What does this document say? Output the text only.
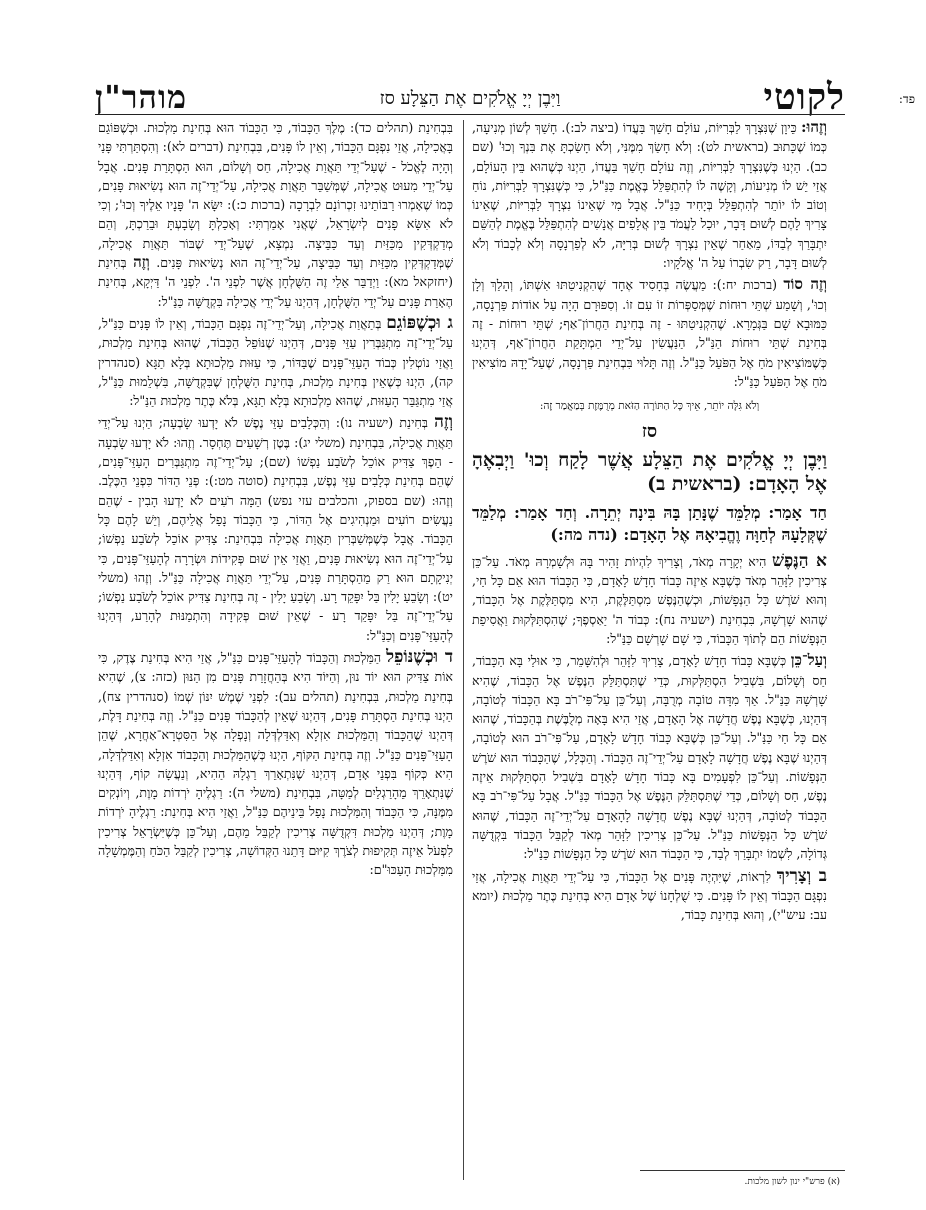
פד:
לקוטי
וַיִּבֶן יְיָ אֱלֹקִים אֶת הַצֵּלָע סז
מוהר"ן

וְזֶהוּ: כֵּיוָן שֶׁנִּצְרָךְ לַבְּרִיּוֹת, עוֹלָם חָשַׁךְ בַּעֲדוֹ (ביצה לב:). חָשַׁךְ לְשׁוֹן מְנִיעָה, כְּמוֹ שֶׁכָּתוּב (בראשית לט): וְלֹא חָשַׂךְ מִמֶּנִּי, וְלֹא חָשַׂכְתָּ אֶת בִּנְךָ וְכוּ' (שם כב). הַיְנוּ כְּשֶׁנִּצְרָךְ לַבְּרִיּוֹת, וְזֶה עוֹלָם חָשַׁךְ בַּעֲדוֹ, הַיְנוּ כְּשֶׁהוּא בֵּין הָעוֹלָם, אֲזַי יֵשׁ לוֹ מְנִיעוֹת, וְקָשֶׁה לוֹ לְהִתְפַּלֵּל בֶּאֱמֶת כַּנַּ"ל, כִּי כְּשֶׁנִּצְרָךְ לַבְּרִיּוֹת, נוֹחַ וְטוֹב לוֹ יוֹתֵר לְהִתְפַּלֵּל בְּיָחִיד כַּנַּ"ל. אֲבָל מִי שֶׁאֵינוֹ נִצְרָךְ לַבְּרִיּוֹת, שֶׁאֵינוֹ צָרִיךְ לָהֶם לְשׁוּם דָּבָר, יוּכַל לַעֲמֹד בֵּין אֲלָפִים אֲנָשִׁים לְהִתְפַּלֵּל בֶּאֱמֶת לְהַשֵּׁם יִתְבָּרַךְ לְבַדּוֹ, מֵאַחַר שֶׁאֵין נִצְרָךְ לְשׁוּם בְּרִיָּה, לֹא לְפַרְנָסָה וְלֹא לְכָבוֹד וְלֹא לְשׁוּם דָּבָר, רַק שִׂבְרוֹ עַל ה' אֱלֹקָיו:

וְזֶה סוֹד (ברכות יח:): מַעֲשֶׂה בְּחָסִיד אֶחָד שֶׁהִקְנִיטַתּוּ אִשְׁתּוֹ, וְהָלַךְ וְלָן וְכוּ', וְשָׁמַע שְׁתֵּי רוּחוֹת שֶׁמְּסַפְּרוֹת זוֹ עִם זוֹ. וְסִפּוּרָם הָיָה עַל אוֹדוֹת פַּרְנָסָה, כַּמּוּבָא שָׁם בַּגְּמָרָא. שֶׁהִקְנִיטַתּוּ - זֶה בְּחִינַת הַחֲרוֹן־אַף; שְׁתֵּי רוּחוֹת - זֶה בְּחִינַת שְׁתֵּי רוּחוֹת הַנַּ"ל, הַנַּעֲשִׂין עַל־יְדֵי הַמְתָּקַת הַחֲרוֹן־אַף, דְּהַיְנוּ כְּשֶׁמּוֹצִיאִין מֹחַ אֶל הַפֹּעַל כַּנַּ"ל. וְזֶה תָּלוּי בִּבְחִינַת פַּרְנָסָה, שֶׁעַל־יָדָהּ מוֹצִיאִין מֹחַ אֶל הַפֹּעַל כַּנַּ"ל:

וְלֹא גִּלָּה יוֹתֵר, אֵיךְ כָּל הַתּוֹרָה הַזֹּאת מְרֻמֶּזֶת בְּמַאֲמַר זֶה:
סז
וַיִּבֶן יְיָ אֱלֹקִים אֶת הַצֵּלָע אֲשֶׁר לָקַח וְכוּ' וַיְבִאֶהָ אֶל הָאָדָם: (בראשית ב)
חַד אָמַר: מְלַמֵּד שֶׁנָּתַן בָּהּ בִּינָה יְתֵרָה. וְחַד אָמַר: מְלַמֵּד שֶׁקְּלָעָהּ לְחַוָּה וֶהֱבִיאָהּ אֶל הָאָדָם: (נדה מה:)

א הַנֶּפֶשׁ הִיא יְקָרָה מְאֹד, וְצָרִיךְ לִהְיוֹת זָהִיר בָּהּ וּלְשָׁמְרָהּ מְאֹד. עַל־כֵּן צְרִיכִין לִזָּהֵר מְאֹד כְּשֶׁבָּא אֵיזֶה כָּבוֹד חָדָשׁ לָאָדָם, כִּי הַכָּבוֹד הוּא אֵם כָּל חַי, וְהוּא שֹׁרֶשׁ כָּל הַנְּפָשׁוֹת, וּכְשֶׁהַנֶּפֶשׁ מִסְתַּלֶּקֶת, הִיא מִסְתַּלֶּקֶת אֶל הַכָּבוֹד, שֶׁהוּא שָׁרְשָׁהּ, בִּבְחִינַת (ישעיה נח): כְּבוֹד ה' יַאַסְפֶךָ; שֶׁהִסְתַּלְּקוּת וַאֲסִיפַת הַנְּפָשׁוֹת הֵם לְתוֹךְ הַכָּבוֹד, כִּי שָׁם שָׁרְשָׁם כַּנַּ"ל:

וְעַל־כֵּן כְּשֶׁבָּא כָּבוֹד חָדָשׁ לָאָדָם, צָרִיךְ לִזָּהֵר וּלְהִשָּׁמֵר, כִּי אוּלַי בָּא הַכָּבוֹד, חַס וְשָׁלוֹם, בִּשְׁבִיל הִסְתַּלְּקוּת, כְּדֵי שֶׁתִּסְתַּלֵּק הַנֶּפֶשׁ אֶל הַכָּבוֹד, שֶׁהִיא שָׁרְשָׁהּ כַּנַּ"ל. אַךְ מִדָּה טוֹבָה מְרֻבָּה, וְעַל־כֵּן עַל־פִּי־רֹב בָּא הַכָּבוֹד לְטוֹבָה, דְּהַיְנוּ, כְּשֶׁבָּא נֶפֶשׁ חֲדָשָׁה אֶל הָאָדָם, אֲזַי הִיא בָּאָה מְלֻבֶּשֶׁת בְּהַכָּבוֹד, שֶׁהוּא אֵם כָּל חַי כַּנַּ"ל. וְעַל־כֵּן כְּשֶׁבָּא כָּבוֹד חָדָשׁ לָאָדָם, עַל־פִּי־רֹב הוּא לְטוֹבָה, דְּהַיְנוּ שֶׁבָּא נֶפֶשׁ חֲדָשָׁה לָאָדָם עַל־יְדֵי־זֶה הַכָּבוֹד. וְהַכְּלָל, שֶׁהַכָּבוֹד הוּא שֹׁרֶשׁ הַנְּפָשׁוֹת. וְעַל־כֵּן לִפְעָמִים בָּא כָּבוֹד חָדָשׁ לָאָדָם בִּשְׁבִיל הִסְתַּלְּקוּת אֵיזֶה נֶפֶשׁ, חַס וְשָׁלוֹם, כְּדֵי שֶׁתִּסְתַּלֵּק הַנֶּפֶשׁ אֶל הַכָּבוֹד כַּנַּ"ל. אֲבָל עַל־פִּי־רֹב בָּא הַכָּבוֹד לְטוֹבָה, דְּהַיְנוּ שֶׁבָּא נֶפֶשׁ חֲדָשָׁה לָהָאָדָם עַל־יְדֵי־זֶה הַכָּבוֹד, שֶׁהוּא שֹׁרֶשׁ כָּל הַנְּפָשׁוֹת כַּנַּ"ל. עַל־כֵּן צְרִיכִין לִזָּהֵר מְאֹד לְקַבֵּל הַכָּבוֹד בִּקְדֻשָּׁה גְּדוֹלָה, לִשְׁמוֹ יִתְבָּרַךְ לְבַד, כִּי הַכָּבוֹד הוּא שֹׁרֶשׁ כָּל הַנְּפָשׁוֹת כַּנַּ"ל:

ב וְצָרִיךְ לִרְאוֹת, שֶׁיִּהְיֶה פָּנִים אֶל הַכָּבוֹד, כִּי עַל־יְדֵי תַּאֲוַת אֲכִילָה, אֲזַי נִפְגָּם הַכָּבוֹד וְאֵין לוֹ פָּנִים. כִּי שֻׁלְחָנוֹ שֶׁל אָדָם הִיא בְּחִינַת כֶּתֶר מַלְכוּת (יומא עב: עיש"י), וְהוּא בְּחִינַת כָּבוֹד,

בִּבְחִינַת (תהלים כד): מֶלֶךְ הַכָּבוֹד, כִּי הַכָּבוֹד הוּא בְּחִינַת מַלְכוּת. וּכְשֶׁפּוֹגֵם בָּאֲכִילָה, אֲזַי נִפְגָּם הַכָּבוֹד, וְאֵין לוֹ פָּנִים, בִּבְחִינַת (דברים לא): וְהִסְתַּרְתִּי פָּנַי וְהָיָה לֶאֱכֹל - שֶׁעַל־יְדֵי תַּאֲוַת אֲכִילָה, חַס וְשָׁלוֹם, הוּא הַסְתָּרַת פָּנִים. אֲבָל עַל־יְדֵי מִעוּט אֲכִילָה, שֶׁמְּשַׁבֵּר תַּאֲוַת אֲכִילָה, עַל־יְדֵי־זֶה הוּא נְשִׂיאוּת פָּנִים, כְּמוֹ שֶׁאָמְרוּ רַבּוֹתֵינוּ זִכְרוֹנָם לִבְרָכָה (ברכות כ:): יִשָּׂא ה' פָּנָיו אֵלֶיךָ וְכוּ'; וְכִי לֹא אִשָּׂא פָנִים לְיִשְׂרָאֵל, שֶׁאֲנִי אָמַרְתִּי: וְאָכַלְתָּ וְשָׂבָעְתָּ וּבֵרַכְתָּ, וְהֵם מְדַקְדְּקִין מִכַּזַּיִת וְעַד כַּבֵּיצָה. נִמְצָא, שֶׁעַל־יְדֵי שֶׁבּוֹר תַּאֲוַת אֲכִילָה, שֶׁמְּדַקְדְּקִין מִכַּזַּיִת וְעַד כַּבֵּיצָה, עַל־יְדֵי־זֶה הוּא נְשִׂיאוּת פָּנִים. וְזֶה בְּחִינַת (יחזקאל מא): וַיְדַבֵּר אֵלַי זֶה הַשֻּׁלְחָן אֲשֶׁר לִפְנֵי ה'. לִפְנֵי ה' דַּיְקָא, בְּחִינַת הֶאָרַת פָּנִים עַל־יְדֵי הַשֻּׁלְחָן, דְּהַיְנוּ עַל־יְדֵי אֲכִילָה בִּקְדֻשָּׁה כַּנַּ"ל:

ג וּכְשֶׁפּוֹגֵם בְּתַאֲוַת אֲכִילָה, וְעַל־יְדֵי־זֶה נִפְגָּם הַכָּבוֹד, וְאֵין לוֹ פָּנִים כַּנַּ"ל, עַל־יְדֵי־זֶה מִתְגַּבְּרִין עַזֵּי פָּנִים, דְּהַיְנוּ שֶׁנּוֹפֵל הַכָּבוֹד, שֶׁהוּא בְּחִינַת מַלְכוּת, וַאֲזַי נוֹטְלִין כְּבוֹד הָעַזֵּי־פָּנִים שֶׁבַּדּוֹר, כִּי עַזּוּת מַלְכוּתָא בְּלָא תַגָּא (סנהדרין קה), הַיְנוּ כְּשֶׁאֵין בְּחִינַת מַלְכוּת, בְּחִינַת הַשֻּׁלְחָן שֶׁבִּקְדֻשָּׁה, בִּשְׁלֵמוּת כַּנַּ"ל, אֲזַי מִתְגַּבֵּר הָעַזּוּת, שֶׁהוּא מַלְכוּתָא בְּלָא תַגָּא, בְּלֹא כֶּתֶר מַלְכוּת הַנַּ"ל:

וְזֶה בְּחִינַת (ישעיה נו): וְהַכְּלָבִים עַזֵּי נֶפֶשׁ לֹא יָדְעוּ שָׂבְעָה; הַיְנוּ עַל־יְדֵי תַּאֲוַת אֲכִילָה, בִּבְחִינַת (משלי יג): בֶּטֶן רְשָׁעִים תֶּחְסָר. וְזֶהוּ: לֹא יָדְעוּ שָׂבְעָה - הֵפֶךְ צַדִּיק אוֹכֵל לְשֹׂבַע נַפְשׁוֹ (שם); עַל־יְדֵי־זֶה מִתְגַּבְּרִים הָעַזֵּי־פָּנִים, שֶׁהֵם בְּחִינַת כְּלָבִים עַזֵּי נֶפֶשׁ, בִּבְחִינַת (סוטה מט:): פְּנֵי הַדּוֹר כִּפְנֵי הַכֶּלֶב. וְזֶהוּ: (שם בספוק, והכלבים עזי נפש) הֵמָּה רֹעִים לֹא יָדְעוּ הָבִין - שֶׁהֵם נַעֲשִׂים רוֹעִים וּמַנְהִיגִים אֶל הַדּוֹר, כִּי הַכָּבוֹד נָפַל אֲלֵיהֶם, וְיֵשׁ לָהֶם כָּל הַכָּבוֹד. אֲבָל כְּשֶׁמְּשַׁבְּרִין תַּאֲוַת אֲכִילָה בִּבְחִינַת: צַדִּיק אוֹכֵל לְשֹׂבַע נַפְשׁוֹ; עַל־יְדֵי־זֶה הוּא נְשִׂיאוּת פָּנִים, וַאֲזַי אֵין שׁוּם פְּקִידוֹת וּשְׂרָרָה לְהָעַזֵּי־פָּנִים, כִּי יְנִיקָתָם הוּא רַק מֵהַסְתָּרַת פָּנִים, עַל־יְדֵי תַּאֲוַת אֲכִילָה כַּנַּ"ל. וְזֶהוּ (משלי יט): וְשָׂבֵעַ יָלִין בַּל יִפָּקֵד רָע. וְשָׂבֵעַ יָלִין - זֶה בְּחִינַת צַדִּיק אוֹכֵל לְשֹׂבַע נַפְשׁוֹ; עַל־יְדֵי־זֶה בַּל יִפָּקֵד רָע - שֶׁאֵין שׁוּם פְּקִידָה וְהִתְמַנּוּת לְהָרַע, דְּהַיְנוּ לְהָעַזֵּי־פָּנִים וְכַנַּ"ל:

ד וּכְשֶׁנּוֹפֵל הַמַּלְכוּת וְהַכָּבוֹד לְהָעַזֵּי־פָּנִים כַּנַּ"ל, אֲזַי הִיא בְּחִינַת צֶדֶק, כִּי אוֹת צַדִּיק הוּא יוֹד נוּן, וְהַיּוֹד הִיא בְּהַחֲזָרַת פָּנִים מִן הַנּוּן (כזה: צ), שֶׁהִיא בְּחִינַת מַלְכוּת, בִּבְחִינַת (תהלים עב): לִפְנֵי שֶׁמֶשׁ יִנּוֹן שְׁמוֹ (סנהדרין צח), הַיְנוּ בְּחִינַת הַסְתָּרַת פָּנִים, דְּהַיְנוּ שֶׁאֵין לְהַכָּבוֹד פָּנִים כַּנַּ"ל. וְזֶה בְּחִינַת דָּלֶת, דְּהַיְנוּ שֶׁהַכָּבוֹד וְהַמַּלְכוּת אִזְלָא וְאִדַּלְדְּלָה וְנָפְלָה אֶל הַסִּטְרָא־אַחֲרָא, שֶׁהֵן הָעַזֵּי־פָּנִים כַּנַּ"ל. וְזֶה בְּחִינַת הַקּוֹף, הַיְנוּ כְּשֶׁהַמַּלְכוּת וְהַכָּבוֹד אִזְלָא וְאִדַּלְדְּלָה, הִיא כְּקוֹף בִּפְנֵי אָדָם, דְּהַיְנוּ שֶׁנִּתְאָרֵךְ רַגְלָהּ הַהִיא, וְנַעֲשָׂה קוֹף, דְּהַיְנוּ שֶׁנִּתְאָרֵךְ מֵהָרַגְלַיִם לְמַטָּה, בִּבְחִינַת (משלי ה): רַגְלֶיהָ יֹרְדוֹת מָוֶת, וְיוֹנְקִים מִמֶּנָּה, כִּי הַכָּבוֹד וְהַמַּלְכוּת נָפַל בֵּינֵיהֶם כַּנַּ"ל, וַאֲזַי הִיא בְּחִינַת: רַגְלֶיהָ יֹרְדוֹת מָוֶת; דְּהַיְנוּ מַלְכוּת דִּקְדֻשָּׁה צְרִיכִין לְקַבֵּל מֵהֶם, וְעַל־כֵּן כְּשֶׁיִּשְׂרָאֵל צְרִיכִין לִפְעֹל אֵיזֶה תְּקִיפוּת לְצֹרֶךְ קִיּוּם דָּתֵנוּ הַקְּדוֹשָׁה, צְרִיכִין לְקַבֵּל הַכֹּחַ וְהַמֶּמְשָׁלָה מִמַּלְכוּת הָעַכּוּ"ם:

(א) פרש"י ינון לשון מלכות.
